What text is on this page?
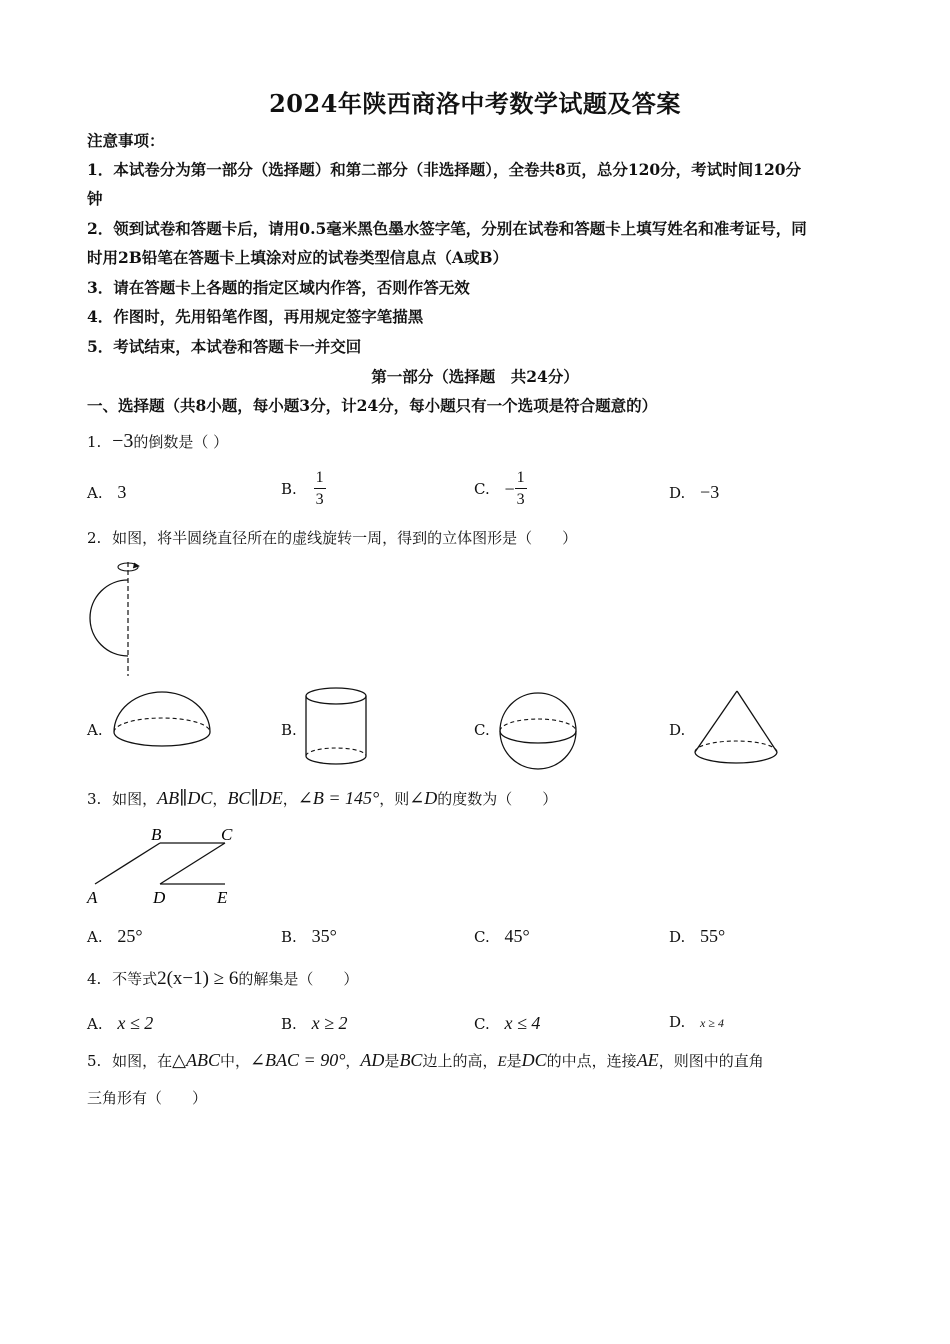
2024年陕西商洛中考数学试题及答案
注意事项：
1．本试卷分为第一部分（选择题）和第二部分（非选择题），全卷共8页，总分120分，考试时间120分
钟
2．领到试卷和答题卡后，请用0.5毫米黑色墨水签字笔，分别在试卷和答题卡上填写姓名和准考证号，同
时用2B铅笔在答题卡上填涂对应的试卷类型信息点（A或B）
3．请在答题卡上各题的指定区域内作答，否则作答无效
4．作图时，先用铅笔作图，再用规定签字笔描黑
5．考试结束，本试卷和答题卡一并交回
第一部分（选择题　共24分）
一、选择题（共8小题，每小题3分，计24分，每小题只有一个选项是符合题意的）
1. −3的倒数是（ ）
A. 3	B. $\frac{1}{3}$	C. − $\frac{1}{3}$	D. −3
2. 如图，将半圆绕直径所在的虚线旋转一周，得到的立体图形是（　　）
A.	B.	C.	D.
3. 如图，AB∥DC，BC∥DE，∠B = 145°，则∠D的度数为（　　）
A
B	C
D	E
A. 25°	B. 35°	C. 45°	D. 55°
4. 不等式2(x−1) ≥ 6的解集是（　　）
A. x ≤ 2	B. x ≥ 2	C. x ≤ 4	D. x ≥ 4
5. 如图，在△ABC中，∠BAC = 90°，AD是BC边上的高，E是DC的中点，连接AE，则图中的直角
三角形有（　　）
